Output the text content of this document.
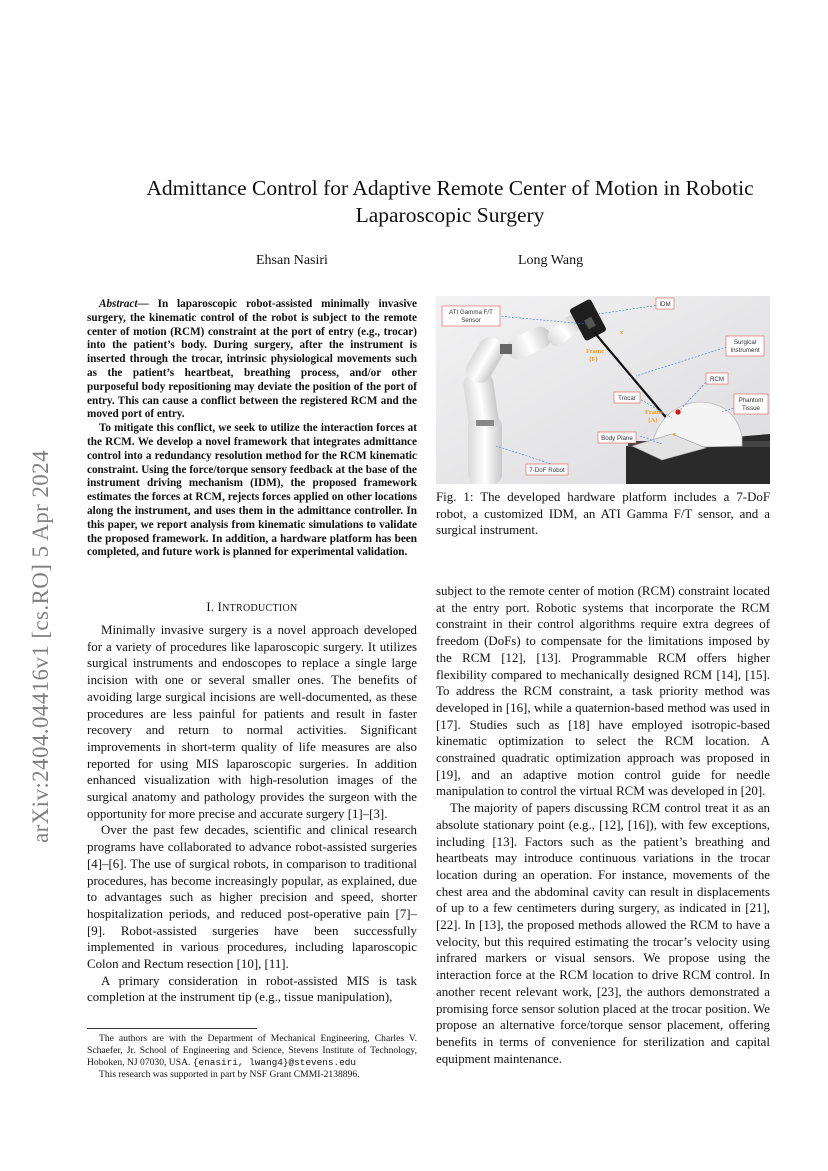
arXiv:2404.04416v1 [cs.RO] 5 Apr 2024
Admittance Control for Adaptive Remote Center of Motion in Robotic Laparoscopic Surgery
Ehsan Nasiri	Long Wang

Abstract— In laparoscopic robot-assisted minimally invasive surgery, the kinematic control of the robot is subject to the remote center of motion (RCM) constraint at the port of entry (e.g., trocar) into the patient’s body. During surgery, after the instrument is inserted through the trocar, intrinsic physiological movements such as the patient’s heartbeat, breathing process, and/or other purposeful body repositioning may deviate the position of the port of entry. This can cause a conflict between the registered RCM and the moved port of entry.

To mitigate this conflict, we seek to utilize the interaction forces at the RCM. We develop a novel framework that integrates admittance control into a redundancy resolution method for the RCM kinematic constraint. Using the force/torque sensory feedback at the base of the instrument driving mechanism (IDM), the proposed framework estimates the forces at RCM, rejects forces applied on other locations along the instrument, and uses them in the admittance controller. In this paper, we report analysis from kinematic simulations to validate the proposed framework. In addition, a hardware platform has been completed, and future work is planned for experimental validation.

I. INTRODUCTION

Minimally invasive surgery is a novel approach developed for a variety of procedures like laparoscopic surgery. It utilizes surgical instruments and endoscopes to replace a single large incision with one or several smaller ones. The benefits of avoiding large surgical incisions are well-documented, as these procedures are less painful for patients and result in faster recovery and return to normal activities. Significant improvements in short-term quality of life measures are also reported for using MIS laparoscopic surgeries. In addition enhanced visualization with high-resolution images of the surgical anatomy and pathology provides the surgeon with the opportunity for more precise and accurate surgery [1]–[3].

Over the past few decades, scientific and clinical research programs have collaborated to advance robot-assisted surgeries [4]–[6]. The use of surgical robots, in comparison to traditional procedures, has become increasingly popular, as explained, due to advantages such as higher precision and speed, shorter hospitalization periods, and reduced post-operative pain [7]–[9]. Robot-assisted surgeries have been successfully implemented in various procedures, including laparoscopic Colon and Rectum resection [10], [11].

A primary consideration in robot-assisted MIS is task completion at the instrument tip (e.g., tissue manipulation),

The authors are with the Department of Mechanical Engineering, Charles V. Schaefer, Jr. School of Engineering and Science, Stevens Institute of Technology, Hoboken, NJ 07030, USA. {enasiri, lwang4}@stevens.edu

This research was supported in part by NSF Grant CMMI-2138896.

ATI Gamma F/T
Sensor
IDM
Surgical
Instrument
RCM
Phantom
Tissue
Trocar
Body Plane
7-DoF Robot
Frame
{F}
Frame
{A}
x
x
Fig. 1: The developed hardware platform includes a 7-DoF robot, a customized IDM, an ATI Gamma F/T sensor, and a surgical instrument.

subject to the remote center of motion (RCM) constraint located at the entry port. Robotic systems that incorporate the RCM constraint in their control algorithms require extra degrees of freedom (DoFs) to compensate for the limitations imposed by the RCM [12], [13]. Programmable RCM offers higher flexibility compared to mechanically designed RCM [14], [15]. To address the RCM constraint, a task priority method was developed in [16], while a quaternion-based method was used in [17]. Studies such as [18] have employed isotropic-based kinematic optimization to select the RCM location. A constrained quadratic optimization approach was proposed in [19], and an adaptive motion control guide for needle manipulation to control the virtual RCM was developed in [20].

The majority of papers discussing RCM control treat it as an absolute stationary point (e.g., [12], [16]), with few exceptions, including [13]. Factors such as the patient’s breathing and heartbeats may introduce continuous variations in the trocar location during an operation. For instance, movements of the chest area and the abdominal cavity can result in displacements of up to a few centimeters during surgery, as indicated in [21], [22]. In [13], the proposed methods allowed the RCM to have a velocity, but this required estimating the trocar’s velocity using infrared markers or visual sensors. We propose using the interaction force at the RCM location to drive RCM control. In another recent relevant work, [23], the authors demonstrated a promising force sensor solution placed at the trocar position. We propose an alternative force/torque sensor placement, offering benefits in terms of convenience for sterilization and capital equipment maintenance.
